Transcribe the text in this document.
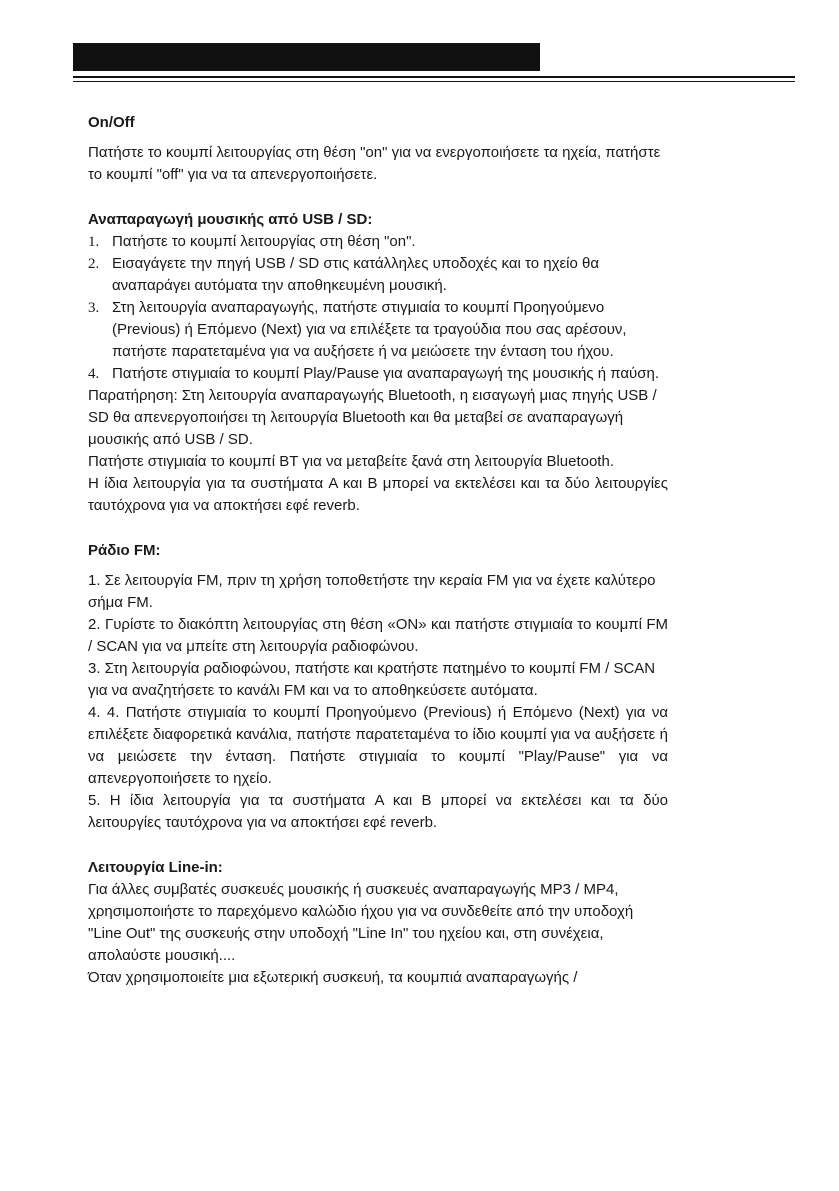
On/Off

Πατήστε το κουμπί λειτουργίας στη θέση "on" για να ενεργοποιήσετε τα ηχεία, πατήστε το κουμπί "off" για να τα απενεργοποιήσετε.

Αναπαραγωγή μουσικής από USB / SD:

1. Πατήστε το κουμπί λειτουργίας στη θέση "on".
2. Εισαγάγετε την πηγή USB / SD στις κατάλληλες υποδοχές και το ηχείο θα αναπαράγει αυτόματα την αποθηκευμένη μουσική.
3. Στη λειτουργία αναπαραγωγής, πατήστε στιγμιαία το κουμπί Προηγούμενο (Previous) ή Επόμενο (Next) για να επιλέξετε τα τραγούδια που σας αρέσουν, πατήστε παρατεταμένα για να αυξήσετε ή να μειώσετε την ένταση του ήχου.
4. Πατήστε στιγμιαία το κουμπί Play/Pause για αναπαραγωγή της μουσικής ή παύση.

Παρατήρηση: Στη λειτουργία αναπαραγωγής Bluetooth, η εισαγωγή μιας πηγής USB / SD θα απενεργοποιήσει τη λειτουργία Bluetooth και θα μεταβεί σε αναπαραγωγή μουσικής από USB / SD.

Πατήστε στιγμιαία το κουμπί BT για να μεταβείτε ξανά στη λειτουργία Bluetooth.

Η ίδια λειτουργία για τα συστήματα A και B μπορεί να εκτελέσει και τα δύο λειτουργίες ταυτόχρονα για να αποκτήσει εφέ reverb.

Ράδιο FM:

1. Σε λειτουργία FM, πριν τη χρήση τοποθετήστε την κεραία FM για να έχετε καλύτερο σήμα FM.

2. Γυρίστε το διακόπτη λειτουργίας στη θέση «ON» και πατήστε στιγμιαία το κουμπί FM / SCAN για να μπείτε στη λειτουργία ραδιοφώνου.

3. Στη λειτουργία ραδιοφώνου, πατήστε και κρατήστε πατημένο το κουμπί FM / SCAN για να αναζητήσετε το κανάλι FM και να το αποθηκεύσετε αυτόματα.

4. 4. Πατήστε στιγμιαία το κουμπί Προηγούμενο (Previous) ή Επόμενο (Next) για να επιλέξετε διαφορετικά κανάλια, πατήστε παρατεταμένα το ίδιο κουμπί για να αυξήσετε ή να μειώσετε την ένταση. Πατήστε στιγμιαία το κουμπί "Play/Pause" για να απενεργοποιήσετε το ηχείο.

5. Η ίδια λειτουργία για τα συστήματα A και B μπορεί να εκτελέσει και τα δύο λειτουργίες ταυτόχρονα για να αποκτήσει εφέ reverb.

Λειτουργία Line-in:

Για άλλες συμβατές συσκευές μουσικής ή συσκευές αναπαραγωγής MP3 / MP4, χρησιμοποιήστε το παρεχόμενο καλώδιο ήχου για να συνδεθείτε από την υποδοχή "Line Out" της συσκευής στην υποδοχή "Line In" του ηχείου και, στη συνέχεια, απολαύστε μουσική....

Όταν χρησιμοποιείτε μια εξωτερική συσκευή, τα κουμπιά αναπαραγωγής /
